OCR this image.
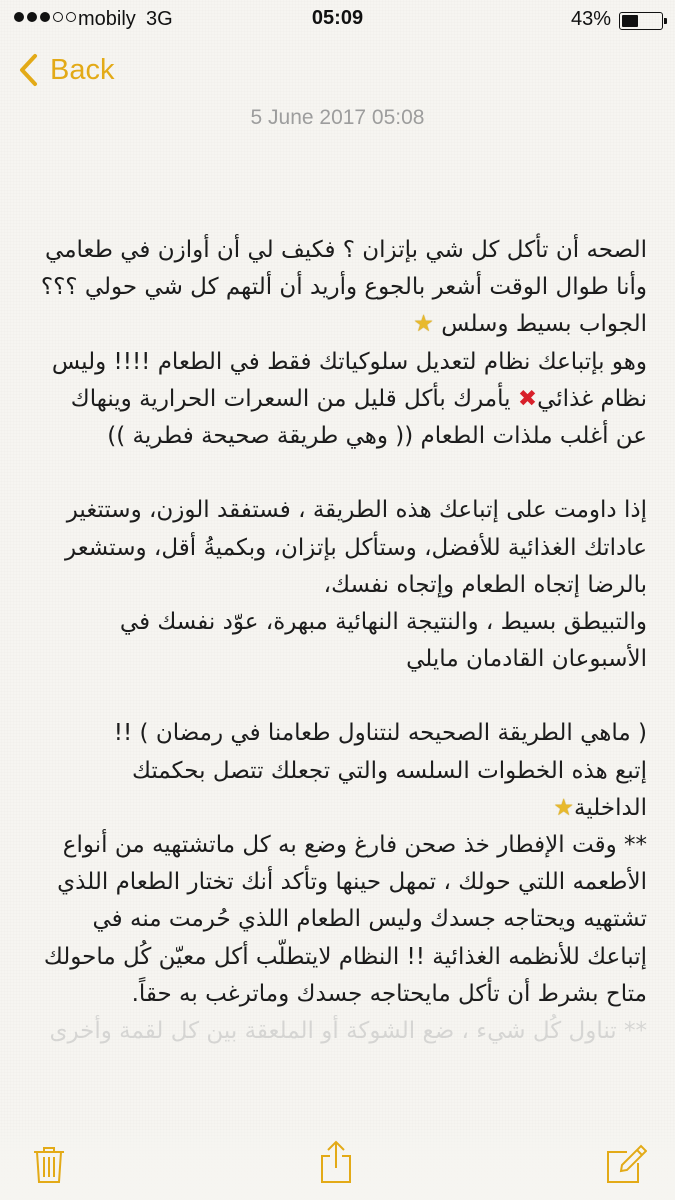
mobily 3G	05:09	43%
Back
5 June 2017 05:08
الصحه أن تأكل كل شي بإتزان ؟ فكيف لي أن أوازن في طعامي
وأنا طوال الوقت أشعر بالجوع وأريد أن ألتهم كل شي حولي ؟؟؟
الجواب بسيط وسلس ★
وهو بإتباعك نظام لتعديل سلوكياتك فقط في الطعام !!!! وليس
نظام غذائي✖ يأمرك بأكل قليل من السعرات الحرارية وينهاك
عن أغلب ملذات الطعام (( وهي طريقة صحيحة فطرية ))
إذا داومت على إتباعك هذه الطريقة ، فستفقد الوزن، وستتغير
عاداتك الغذائية للأفضل، وستأكل بإتزان، وبكميةُ أقل، وستشعر
بالرضا إتجاه الطعام وإتجاه نفسك،
والتبيطق بسيط ، والنتيجة النهائية مبهرة، عوّد نفسك في
الأسبوعان القادمان مايلي
( ماهي الطريقة الصحيحه لنتناول طعامنا في رمضان ) !!
إتبع هذه الخطوات السلسه والتي تجعلك تتصل بحكمتك
الداخلية★
** وقت الإفطار خذ صحن فارغ وضع به كل ماتشتهيه من أنواع
الأطعمه اللتي حولك ، تمهل حينها وتأكد أنك تختار الطعام اللذي
تشتهيه ويحتاجه جسدك وليس الطعام اللذي حُرمت منه في
إتباعك للأنظمه الغذائية !! النظام لايتطلّب أكل معيّن كُل ماحولك
متاح بشرط أن تأكل مايحتاجه جسدك وماترغب به حقاً.
** تناول كُل شيء ، ضع الشوكة أو الملعقة بين كل لقمة وأخرى
